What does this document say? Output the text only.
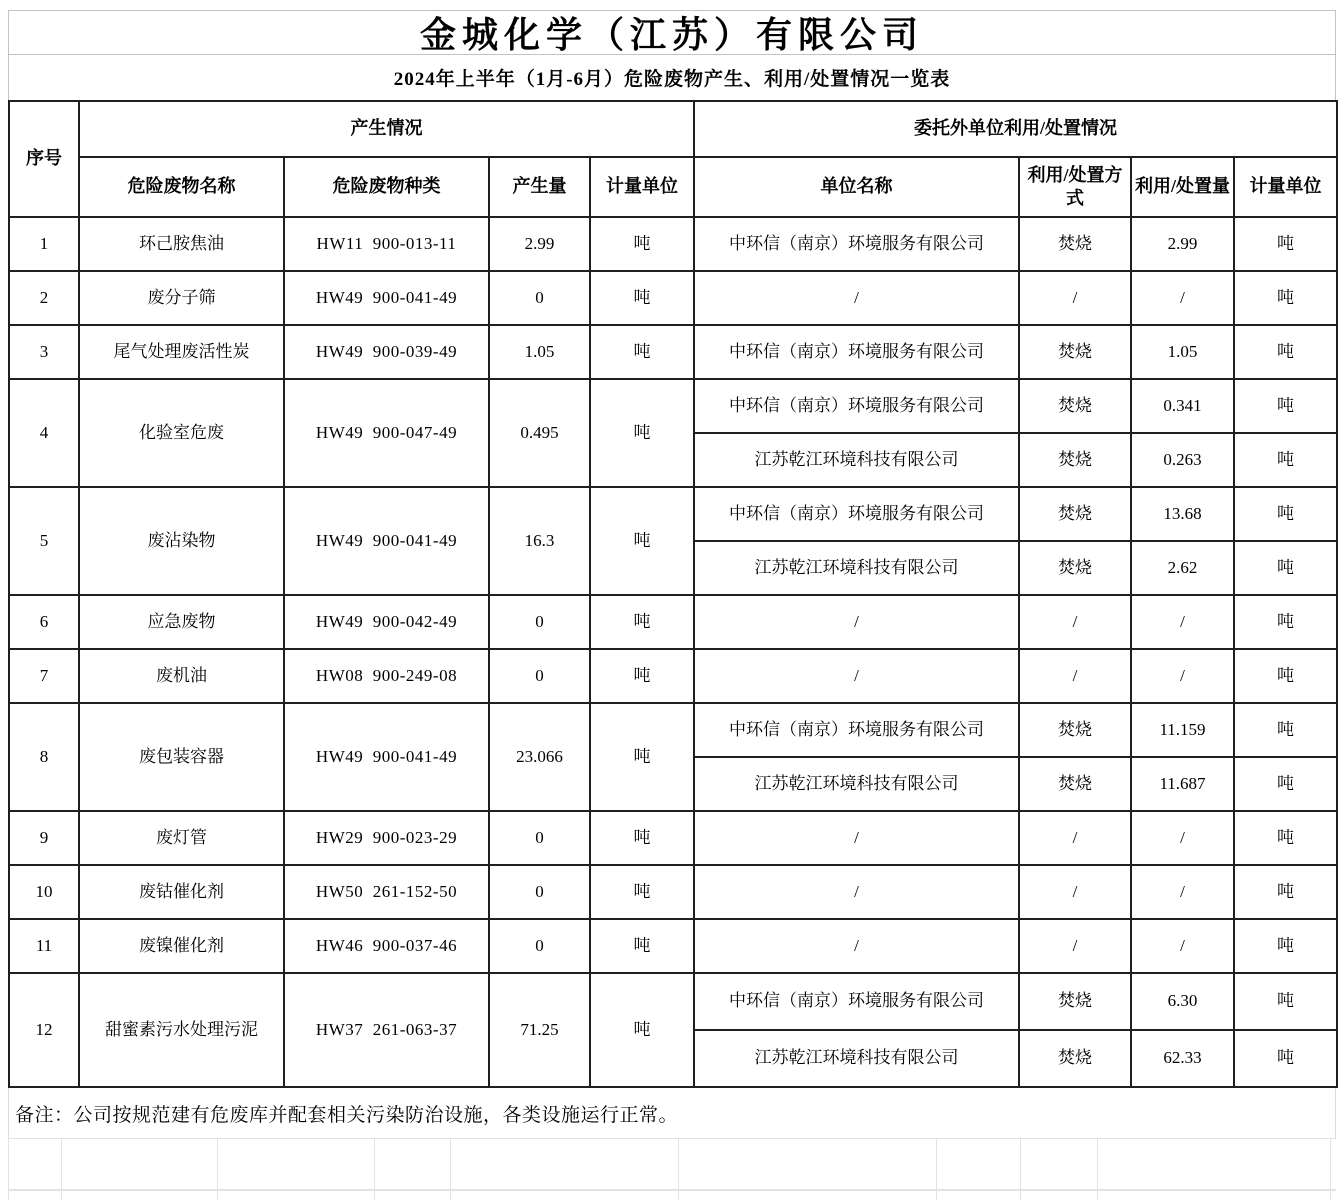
金城化学（江苏）有限公司
2024年上半年（1月-6月）危险废物产生、利用/处置情况一览表
序号	产生情况				委托外单位利用/处置情况			
	危险废物名称	危险废物种类	产生量	计量单位	单位名称	利用/处置方式	利用/处置量	计量单位
1	环己胺焦油	HW11  900-013-11	2.99	吨	中环信（南京）环境服务有限公司	焚烧	2.99	吨
2	废分子筛	HW49  900-041-49	0	吨	/	/	/	吨
3	尾气处理废活性炭	HW49  900-039-49	1.05	吨	中环信（南京）环境服务有限公司	焚烧	1.05	吨
4	化验室危废	HW49  900-047-49	0.495	吨	中环信（南京）环境服务有限公司	焚烧	0.341	吨
					江苏乾江环境科技有限公司	焚烧	0.263	吨
5	废沾染物	HW49  900-041-49	16.3	吨	中环信（南京）环境服务有限公司	焚烧	13.68	吨
					江苏乾江环境科技有限公司	焚烧	2.62	吨
6	应急废物	HW49  900-042-49	0	吨	/	/	/	吨
7	废机油	HW08  900-249-08	0	吨	/	/	/	吨
8	废包装容器	HW49  900-041-49	23.066	吨	中环信（南京）环境服务有限公司	焚烧	11.159	吨
					江苏乾江环境科技有限公司	焚烧	11.687	吨
9	废灯管	HW29  900-023-29	0	吨	/	/	/	吨
10	废钴催化剂	HW50  261-152-50	0	吨	/	/	/	吨
11	废镍催化剂	HW46  900-037-46	0	吨	/	/	/	吨
12	甜蜜素污水处理污泥	HW37  261-063-37	71.25	吨	中环信（南京）环境服务有限公司	焚烧	6.30	吨
					江苏乾江环境科技有限公司	焚烧	62.33	吨
备注：公司按规范建有危废库并配套相关污染防治设施，各类设施运行正常。
